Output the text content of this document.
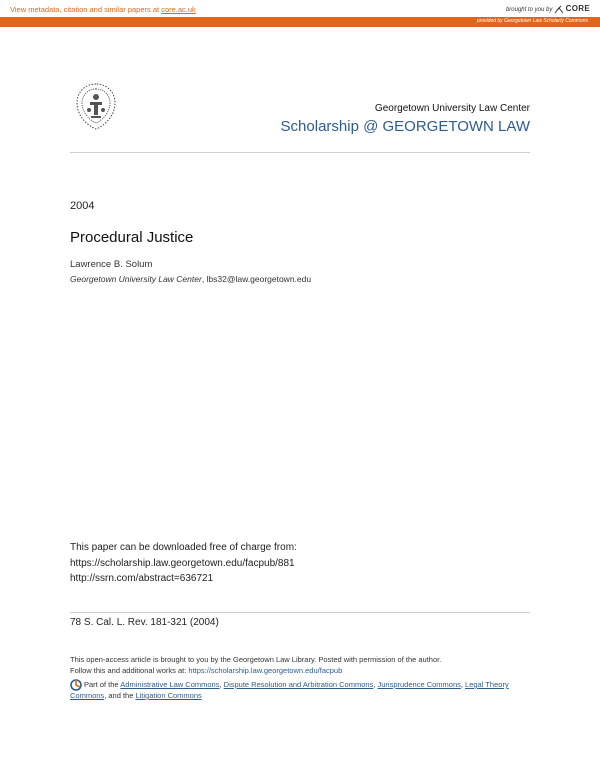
View metadata, citation and similar papers at core.ac.uk	brought to you by CORE
provided by Georgetown Law Scholarly Commons
Georgetown University Law Center
Scholarship @ GEORGETOWN LAW
2004
Procedural Justice
Lawrence B. Solum
Georgetown University Law Center, lbs32@law.georgetown.edu
This paper can be downloaded free of charge from:
https://scholarship.law.georgetown.edu/facpub/881
http://ssrn.com/abstract=636721
78 S. Cal. L. Rev. 181-321 (2004)
This open-access article is brought to you by the Georgetown Law Library. Posted with permission of the author.
Follow this and additional works at: https://scholarship.law.georgetown.edu/facpub
Part of the Administrative Law Commons, Dispute Resolution and Arbitration Commons, Jurisprudence Commons, Legal Theory Commons, and the Litigation Commons
